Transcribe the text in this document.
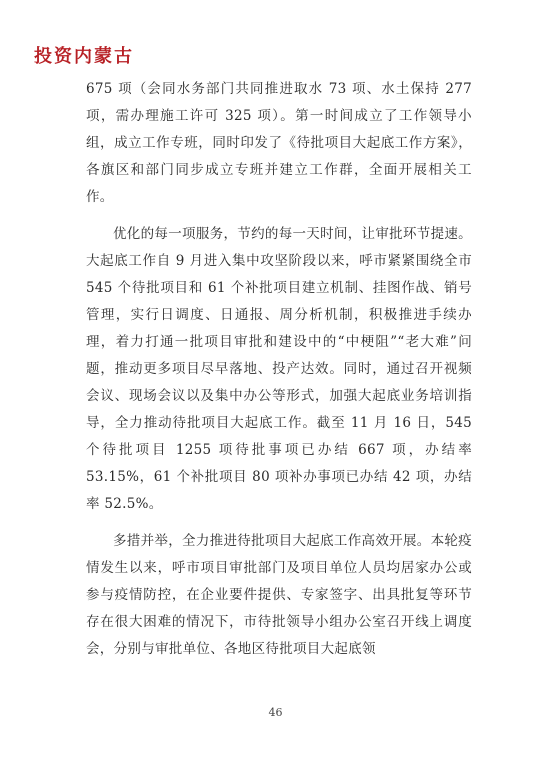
投资内蒙古

675 项（会同水务部门共同推进取水 73 项、水土保持 277 项，需办理施工许可 325 项）。第一时间成立了工作领导小组，成立工作专班，同时印发了《待批项目大起底工作方案》，各旗区和部门同步成立专班并建立工作群，全面开展相关工作。

优化的每一项服务，节约的每一天时间，让审批环节提速。大起底工作自 9 月进入集中攻坚阶段以来，呼市紧紧围绕全市 545 个待批项目和 61 个补批项目建立机制、挂图作战、销号管理，实行日调度、日通报、周分析机制，积极推进手续办理，着力打通一批项目审批和建设中的“中梗阻”“老大难”问题，推动更多项目尽早落地、投产达效。同时，通过召开视频会议、现场会议以及集中办公等形式，加强大起底业务培训指导，全力推动待批项目大起底工作。截至 11 月 16 日，545 个待批项目 1255 项待批事项已办结 667 项，办结率 53.15%，61 个补批项目 80 项补办事项已办结 42 项，办结率 52.5%。

多措并举，全力推进待批项目大起底工作高效开展。本轮疫情发生以来，呼市项目审批部门及项目单位人员均居家办公或参与疫情防控，在企业要件提供、专家签字、出具批复等环节存在很大困难的情况下，市待批领导小组办公室召开线上调度会，分别与审批单位、各地区待批项目大起底领

46
